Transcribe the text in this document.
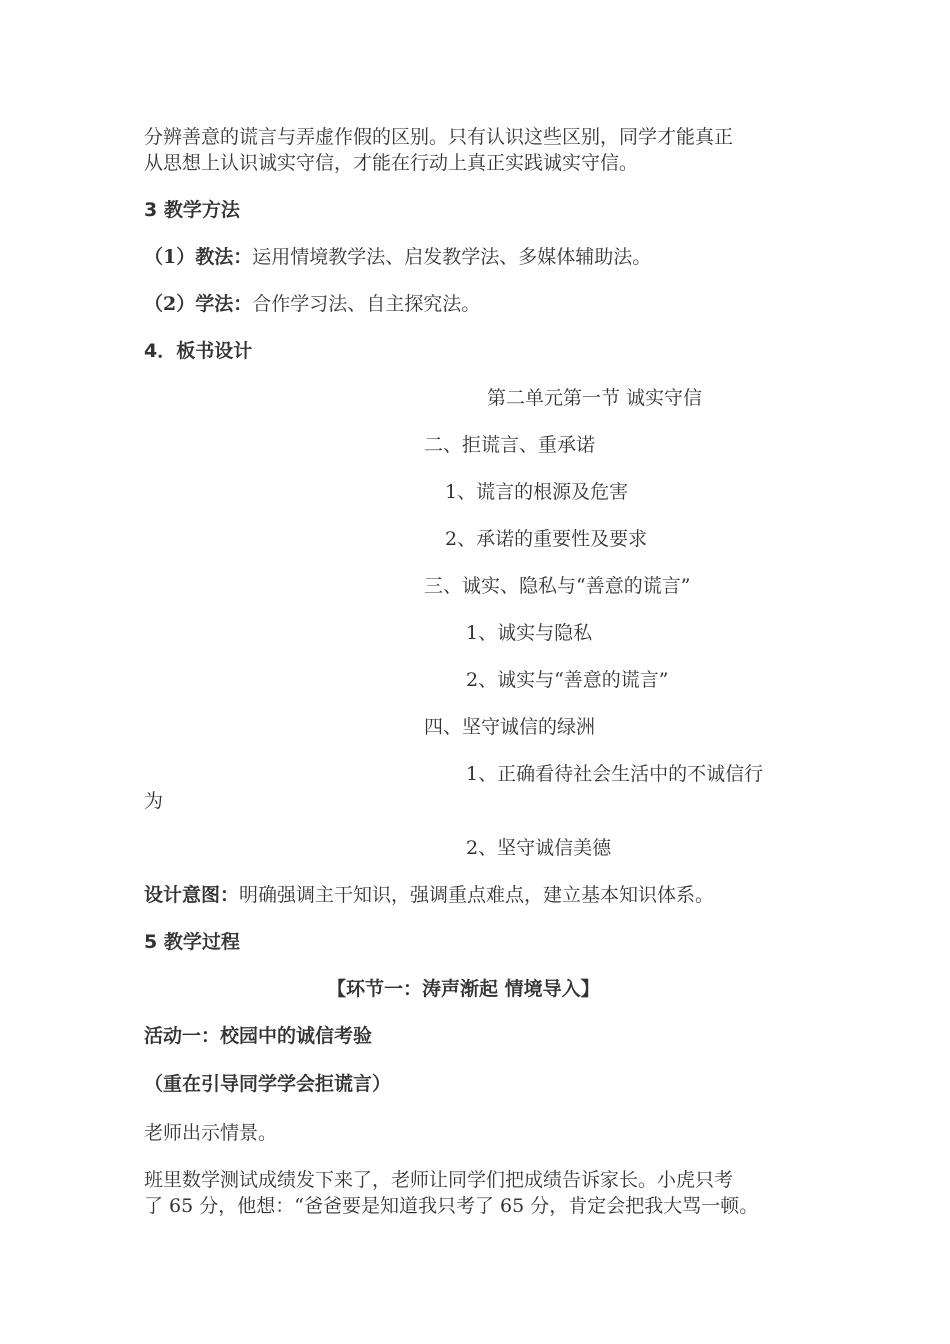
分辨善意的谎言与弄虚作假的区别。只有认识这些区别，同学才能真正
从思想上认识诚实守信，才能在行动上真正实践诚实守信。
3 教学方法
（1）教法：运用情境教学法、启发教学法、多媒体辅助法。
（2）学法：合作学习法、自主探究法。
4．板书设计
第二单元第一节 诚实守信
二、拒谎言、重承诺
1、谎言的根源及危害
2、承诺的重要性及要求
三、诚实、隐私与“善意的谎言”
1、诚实与隐私
2、诚实与“善意的谎言”
四、坚守诚信的绿洲
1、正确看待社会生活中的不诚信行
为
2、坚守诚信美德
设计意图：明确强调主干知识，强调重点难点，建立基本知识体系。
5 教学过程
【环节一：涛声渐起 情境导入】
活动一：校园中的诚信考验
（重在引导同学学会拒谎言）
老师出示情景。
班里数学测试成绩发下来了，老师让同学们把成绩告诉家长。小虎只考
了 65 分，他想：“爸爸要是知道我只考了 65 分，肯定会把我大骂一顿。
